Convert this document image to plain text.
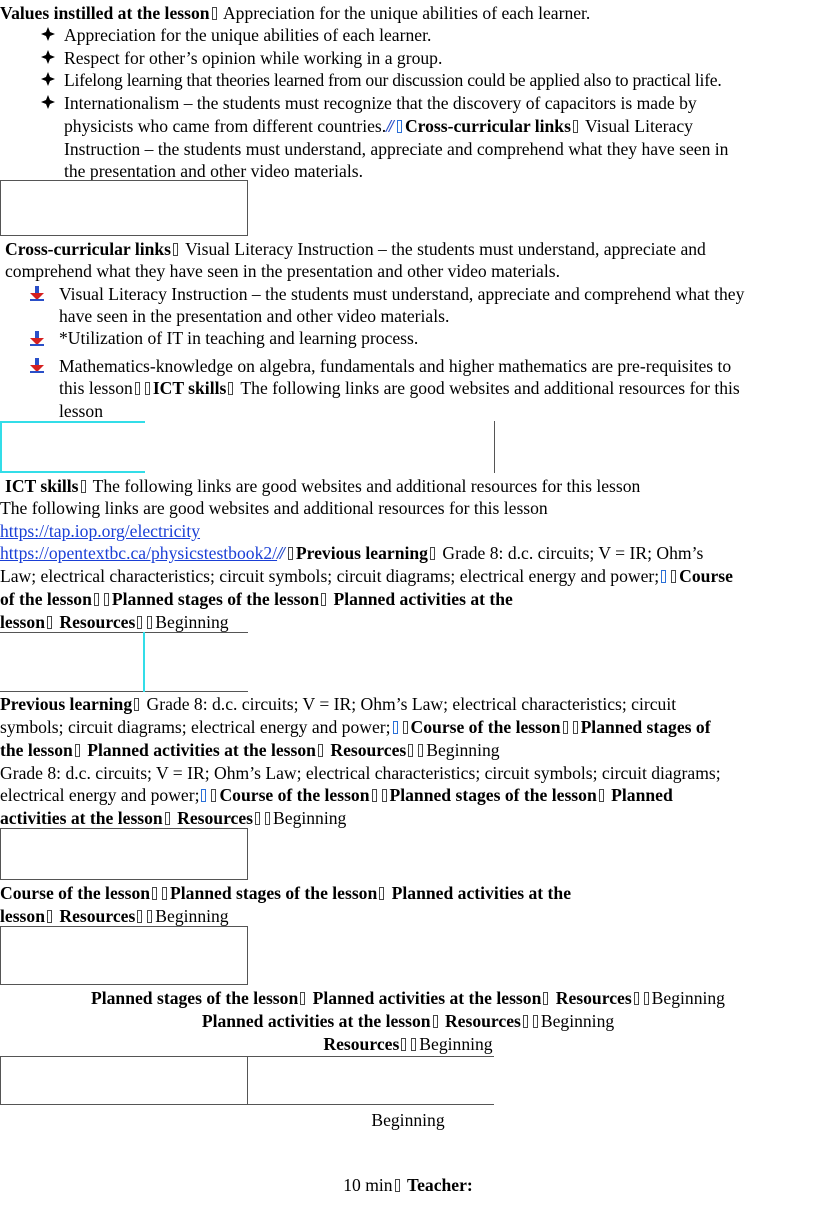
Values instilled at the lesson Appreciation for the unique abilities of each learner.
Appreciation for the unique abilities of each learner.
Respect for other’s opinion while working in a group.
Lifelong learning that theories learned from our discussion could be applied also to practical life.
Internationalism – the students must recognize that the discovery of capacitors is made by
physicists who came from different countries.// Cross-curricular links Visual Literacy
Instruction – the students must understand, appreciate and comprehend what they have seen in
the presentation and other video materials.
Cross-curricular links Visual Literacy Instruction – the students must understand, appreciate and
comprehend what they have seen in the presentation and other video materials.
Visual Literacy Instruction – the students must understand, appreciate and comprehend what they
have seen in the presentation and other video materials.
*Utilization of IT in teaching and learning process.
Mathematics-knowledge on algebra, fundamentals and higher mathematics are pre-requisites to
this lesson ICT skills The following links are good websites and additional resources for this
lesson
ICT skills The following links are good websites and additional resources for this lesson
The following links are good websites and additional resources for this lesson
https://tap.iop.org/electricity
https://opentextbc.ca/physicstestbook2/// Previous learning Grade 8: d.c. circuits; V = IR; Ohm’s
Law; electrical characteristics; circuit symbols; circuit diagrams; electrical energy and power; Course
of the lesson Planned stages of the lesson Planned activities at the
lesson Resources Beginning
Previous learning Grade 8: d.c. circuits; V = IR; Ohm’s Law; electrical characteristics; circuit
symbols; circuit diagrams; electrical energy and power; Course of the lesson Planned stages of
the lesson Planned activities at the lesson Resources Beginning
Grade 8: d.c. circuits; V = IR; Ohm’s Law; electrical characteristics; circuit symbols; circuit diagrams;
electrical energy and power; Course of the lesson Planned stages of the lesson Planned
activities at the lesson Resources Beginning
Course of the lesson Planned stages of the lesson Planned activities at the
lesson Resources Beginning
Planned stages of the lesson Planned activities at the lesson Resources Beginning
Planned activities at the lesson Resources Beginning
Resources Beginning
Beginning
10 min Teacher:
